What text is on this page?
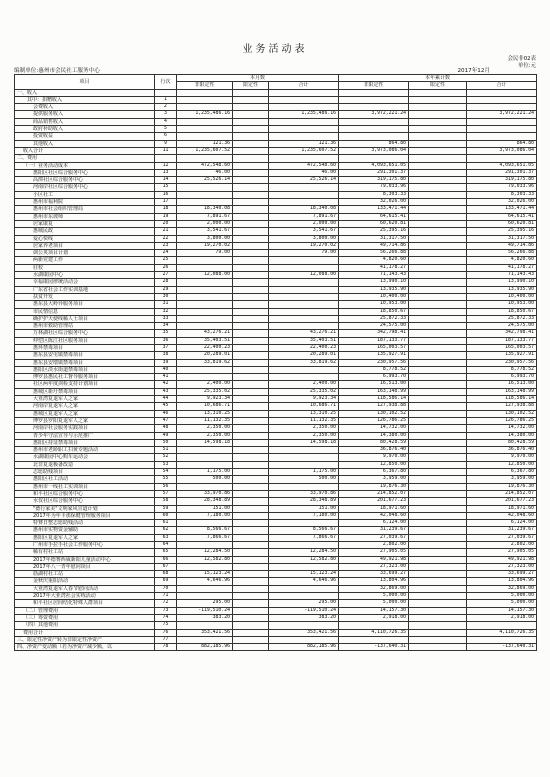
业务活动表
会民非02表
单位:元
编制单位:惠州市会民社工服务中心	2017年12月
项目	行次	本月数			本年累计数		
		非限定性	限定性	合计	非限定性	限定性	合计
一、收入							
其中：捐赠收入	1						
会费收入	2						
提供服务收入	3	1,235,486.16		1,235,486.16	3,972,221.24		3,972,221.24
商品销售收入	4						
政府补助收入	5						
投资收益	6						
其他收入	9	121.36		121.36	864.80		864.80
收入合计	11	1,235,607.52		1,235,607.52	3,973,086.04		3,973,086.04
二、费用							
（一）业务活动成本	12	472,548.60		472,548.60	4,093,651.05		4,093,651.05
惠阳区社区综合服务中心	13	46.00		46.00	291,301.37		291,301.37
高潭社区综合服务中心	14	25,526.14		25,526.14	319,175.80		319,175.80
河南岸社区综合服务中心	15				79,033.96		79,033.96
小区社工	16				8,303.33		8,303.33
惠州市福利院	17				32,026.00		32,026.00
惠州市社会组织管理局	18	18,340.08		18,340.08	133,471.44		133,471.44
惠州市东坡师	19	7,891.67		7,891.67	64,615.41		64,615.41
居家康复	20	2,000.00		2,000.00	60,620.81		60,620.81
惠城民政	21	3,541.67		3,541.67	25,395.16		25,395.16
爱心快线	22	3,800.00		3,800.00	31,317.50		31,317.50
居家养老项目	23	19,270.02		19,270.02	49,714.86		49,714.86
调公英项目计划	24	79.00		79.00	56,266.88		56,266.88
两新党建工作	25				4,820.60		4,820.60
驻校	26				41,178.27		41,178.27
水湖康园中心	27	12,088.00		12,088.00	71,143.43		71,143.43
幸福康园律统活动会	28				13,990.10		13,990.10
广东省社会工作实训基地	29				13,935.90		13,935.90
扶贫开发	30				10,400.00		10,400.00
惠东县大岭异服务项目	31				10,953.00		10,953.00
市民情信息	32				18,850.67		18,850.67
确护护天使线稀人士项目	33				25,872.33		25,872.33
惠州市救助管理站	34				24,575.00		24,575.00
万林湖社区综合服务中心	35	43,276.21		43,276.21	342,798.41		342,798.41
仲恺区陈江社区服务项目	36	35,403.51		35,403.51	187,133.77		187,133.77
惠环禁毒项目	37	22,400.23		22,400.23	165,003.57		165,003.57
惠东县安屯镇禁毒项目	38	20,289.01		20,289.01	135,927.91		135,927.91
惠东县安墩镇禁毒项目	39	33,819.62		33,819.62	230,957.56		230,957.56
惠阳区淡水街道禁毒项目	40				8,778.52		8,778.52
博罗县惠民社工督导服务项目	41				6,993.70		6,993.70
社区两年度剑检支持计划项目	42	2,400.00		2,400.00	16,513.00		16,513.00
惠城区新圩禁毒项目	43	25,335.02		25,335.02	163,148.99		163,148.99
大亚湾复退军人之家	44	9,923.34		9,923.34	118,586.14		118,586.14
河南岸复退军人之家	45	10,686.71		10,686.71	127,938.88		127,938.88
惠城区复退军人之家	46	13,310.25		13,310.25	130,102.52		130,102.52
博罗县罗阳复退军人之家	47	11,132.35		11,132.35	126,786.25		126,786.25
河南岸社会服务实践项目	48	2,350.00		2,350.00	14,732.00		14,732.00
青少年守法宣导与示范推广	49	2,350.00		2,350.00	14,380.00		14,380.00
惠阳区持证禁毒项目	50	14,598.18		14,598.18	80,428.59		80,428.59
惠州市老龄职工扫黄专题活动	51				36,876.40		36,876.40
水湖康园中心购车运动会	52				9,970.00		9,970.00
北非复退极备改造	53				12,850.00		12,850.00
志愿助残项目	54	1,175.00		1,175.00	6,367.80		6,367.80
惠阳区社工活动	55	500.00		500.00	3,959.00		3,959.00
惠州市一线社工实训项目	56				19,876.30		19,876.30
和平社区综合服务中心	57	33,970.86		33,970.86	214,852.07		214,852.07
水仅社区综合服务中心	58	28,348.89		28,348.89	201,677.23		201,677.23
"德行家美"文明家风宣道计划	59	151.00		151.00	18,971.60		18,971.60
2017年为年卡那保健管理服务项目	60	7,180.00		7,180.00	42,048.60		42,048.60
特赛日整志愿助残活动	61				6,124.00		6,124.00
惠州市实物资金辅助	62	8,566.67		8,566.67	31,239.67		31,239.67
惠阳区复退军人之家	63	7,866.67		7,866.67	27,039.67		27,039.67
广州市手拉手社会工作服务中心	64				2,802.00		2,802.00
稀有村社工站	65	12,284.50		12,284.50	27,905.05		27,905.05
2017年德赛西威新阳儿童活动中心	66	12,582.80		12,582.80	49,921.98		49,921.98
2017年八一青年慰问项目	67				27,323.00		27,323.00
筋湖村社工站	68	15,123.24		15,123.24	33,699.27		33,699.27
金秋庆重阳活动	69	4,646.96		4,646.96	13,804.96		13,804.96
大亚湾复退军人春节慰问活动	70				32,869.00		32,869.00
2017年大亚湾社会实练活动	71				5,000.00		5,000.00
和平社区居间结化特殊人群项目	72	295.00		295.00	5,000.00		5,000.00
（二）管理费用	73	-119,510.24		-119,510.24	14,157.30		14,157.30
（三）筹资费用	74	383.20		383.20	2,918.00		2,918.00
（四）其他费用	75						
费用合计	76	353,421.56		353,421.56	4,110,726.35		4,110,726.35
三、限定性净资产转为非限定性净资产	77						
四、净资产变动额（若为净资产减少额，以	78	882,185.96		882,185.96	-137,640.31		-137,640.31
